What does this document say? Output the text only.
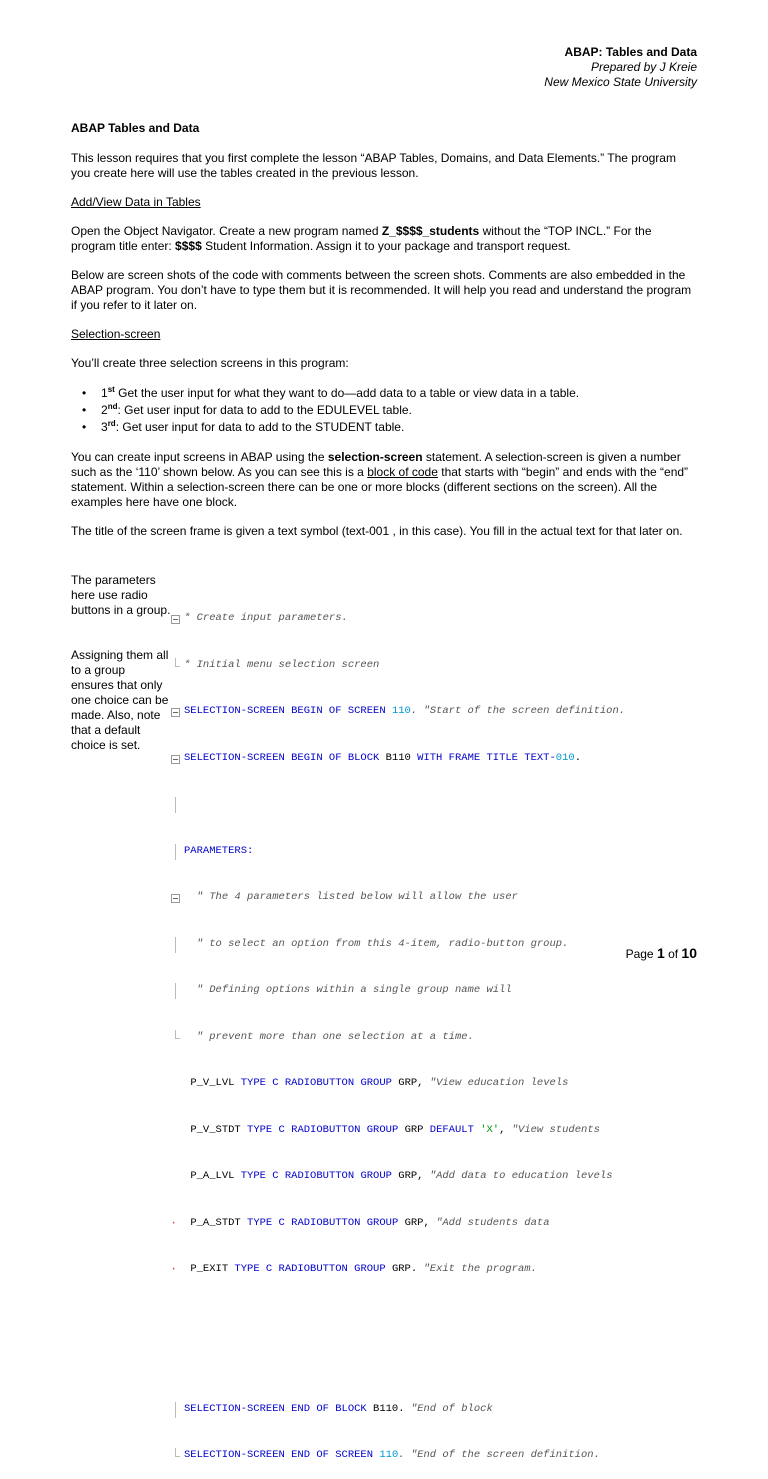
ABAP: Tables and Data
Prepared by J Kreie
New Mexico State University

ABAP Tables and Data

This lesson requires that you first complete the lesson “ABAP Tables, Domains, and Data Elements.” The program you create here will use the tables created in the previous lesson.

Add/View Data in Tables

Open the Object Navigator. Create a new program named Z_$$$$_students without the “TOP INCL.” For the program title enter: $$$$ Student Information. Assign it to your package and transport request.

Below are screen shots of the code with comments between the screen shots. Comments are also embedded in the ABAP program. You don’t have to type them but it is recommended. It will help you read and understand the program if you refer to it later on.

Selection-screen

You’ll create three selection screens in this program:

• 1st Get the user input for what they want to do—add data to a table or view data in a table.
• 2nd: Get user input for data to add to the EDULEVEL table.
• 3rd: Get user input for data to add to the STUDENT table.

You can create input screens in ABAP using the selection-screen statement. A selection-screen is given a number such as the ‘110’ shown below. As you can see this is a block of code that starts with “begin” and ends with the “end” statement. Within a selection-screen there can be one or more blocks (different sections on the screen). All the examples here have one block.

The title of the screen frame is given a text symbol (text-001 , in this case). You fill in the actual text for that later on.

The parameters here use radio buttons in a group.
Assigning them all to a group ensures that only one choice can be made. Also, note that a default choice is set.

* Create input parameters.

* Initial menu selection screen

SELECTION-SCREEN BEGIN OF SCREEN 110. "Start of the screen definition.

SELECTION-SCREEN BEGIN OF BLOCK B110 WITH FRAME TITLE TEXT-010.

PARAMETERS:

" The 4 parameters listed below will allow the user

" to select an option from this 4-item, radio-button group.

" Defining options within a single group name will

" prevent more than one selection at a time.

P_V_LVL TYPE C RADIOBUTTON GROUP GRP, "View education levels

P_V_STDT TYPE C RADIOBUTTON GROUP GRP DEFAULT 'X', "View students

P_A_LVL TYPE C RADIOBUTTON GROUP GRP, "Add data to education levels

·
P_A_STDT TYPE C RADIOBUTTON GROUP GRP, "Add students data

·
P_EXIT TYPE C RADIOBUTTON GROUP GRP. "Exit the program.

SELECTION-SCREEN END OF BLOCK B110. "End of block

SELECTION-SCREEN END OF SCREEN 110. "End of the screen definition.

Page 1 of 10
